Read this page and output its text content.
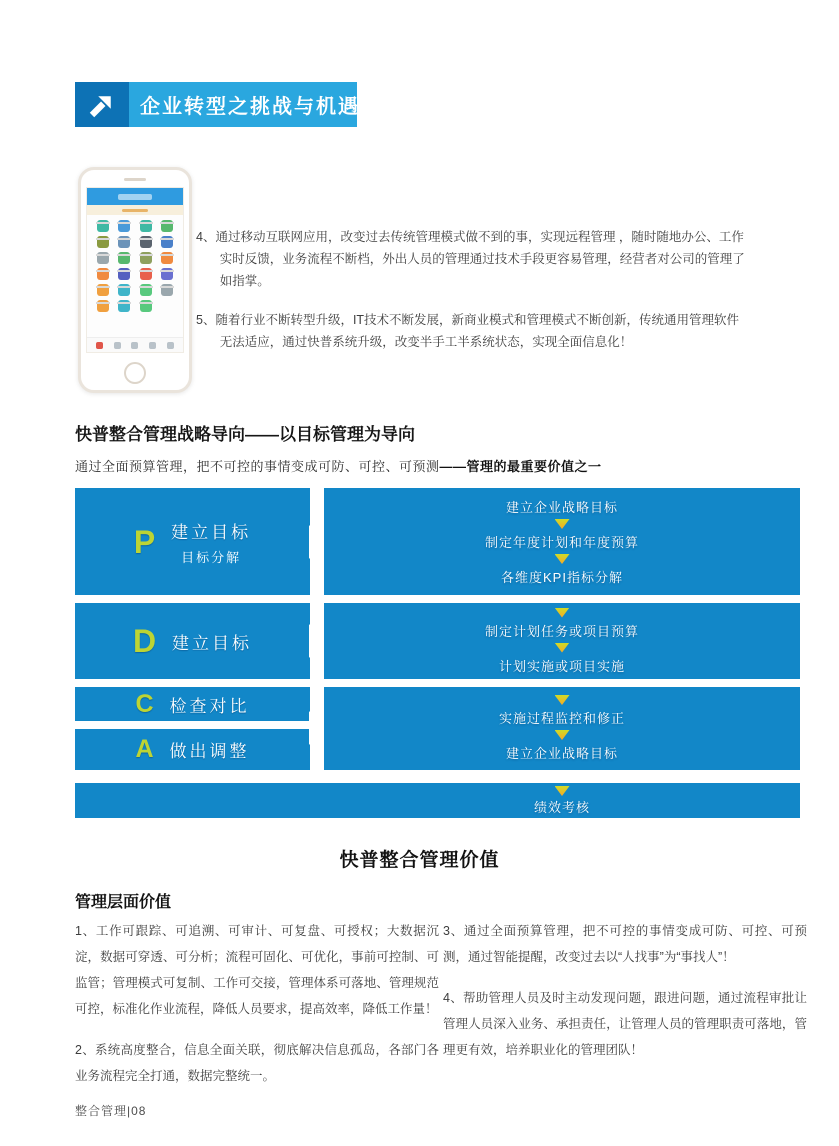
企业转型之挑战与机遇

4、通过移动互联网应用，改变过去传统管理模式做不到的事，实现远程管理 ，随时随地办公、工作实时反馈，业务流程不断档，外出人员的管理通过技术手段更容易管理，经营者对公司的管理了如指掌。

5、随着行业不断转型升级，IT技术不断发展，新商业模式和管理模式不断创新，传统通用管理软件无法适应，通过快普系统升级，改变半手工半系统状态，实现全面信息化！

快普整合管理战略导向——以目标管理为导向
通过全面预算管理，把不可控的事情变成可防、可控、可预测——管理的最重要价值之一
P 建立目标
目标分解
建立企业战略目标
制定年度计划和年度预算
各维度KPI指标分解
D 建立目标
制定计划任务或项目预算
计划实施或项目实施
C 检查对比
A 做出调整
实施过程监控和修正
建立企业战略目标
绩效考核
快普整合管理价值
管理层面价值

1、工作可跟踪、可追溯、可审计、可复盘、可授权；大数据沉淀，数据可穿透、可分析；流程可固化、可优化，事前可控制、可监管；管理模式可复制、工作可交接，管理体系可落地、管理规范可控，标准化作业流程，降低人员要求，提高效率，降低工作量！

2、系统高度整合，信息全面关联，彻底解决信息孤岛，各部门各业务流程完全打通，数据完整统一。

3、通过全面预算管理，把不可控的事情变成可防、可控、可预测，通过智能提醒，改变过去以“人找事”为“事找人”！

4、帮助管理人员及时主动发现问题，跟进问题，通过流程审批让管理人员深入业务、承担责任，让管理人员的管理职责可落地，管理更有效，培养职业化的管理团队！

整合管理|08
